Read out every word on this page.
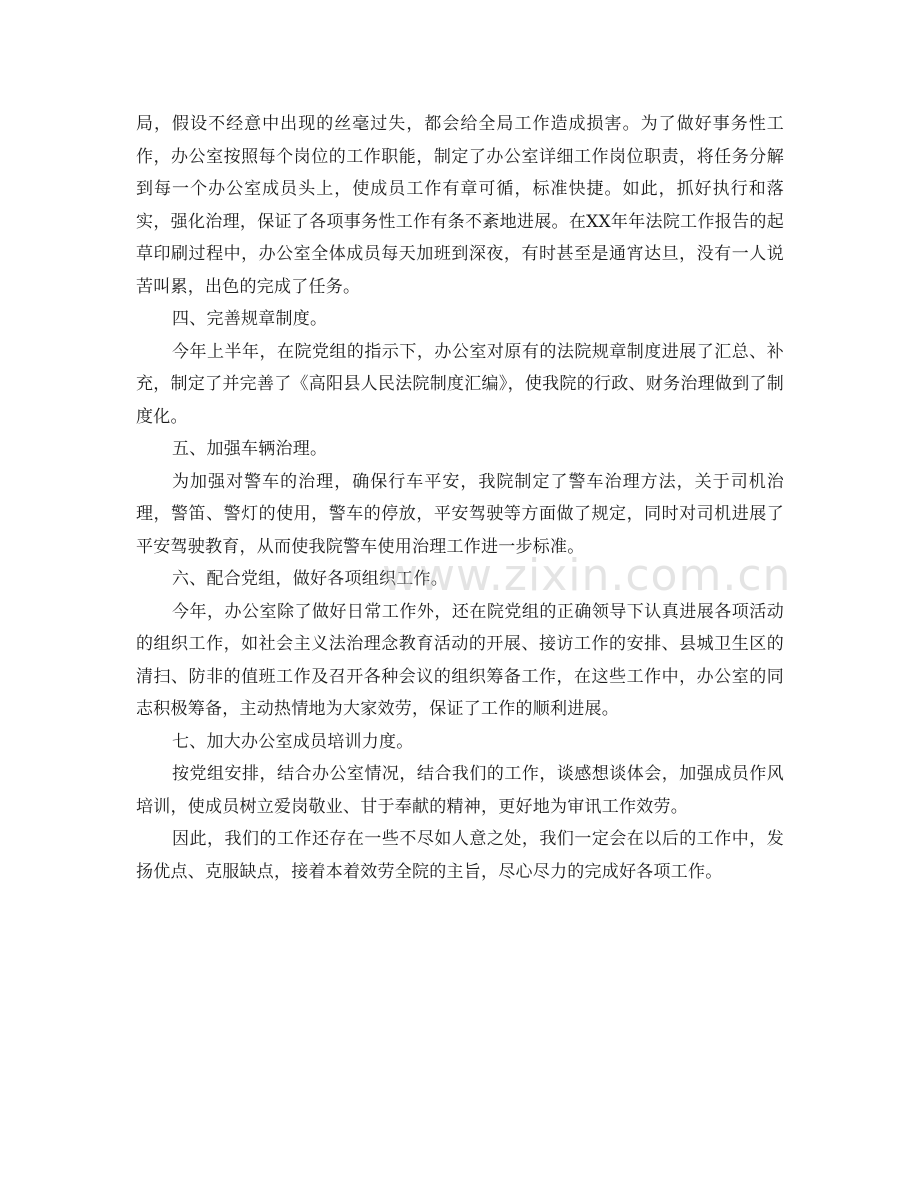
局，假设不经意中出现的丝毫过失，都会给全局工作造成损害。为了做好事务性工作，办公室按照每个岗位的工作职能，制定了办公室详细工作岗位职责，将任务分解到每一个办公室成员头上，使成员工作有章可循，标准快捷。如此，抓好执行和落实，强化治理，保证了各项事务性工作有条不紊地进展。在XX年年法院工作报告的起草印刷过程中，办公室全体成员每天加班到深夜，有时甚至是通宵达旦，没有一人说苦叫累，出色的完成了任务。

四、完善规章制度。

今年上半年，在院党组的指示下，办公室对原有的法院规章制度进展了汇总、补充，制定了并完善了《高阳县人民法院制度汇编》，使我院的行政、财务治理做到了制度化。

五、加强车辆治理。

为加强对警车的治理，确保行车平安，我院制定了警车治理方法，关于司机治理，警笛、警灯的使用，警车的停放，平安驾驶等方面做了规定，同时对司机进展了平安驾驶教育，从而使我院警车使用治理工作进一步标准。

六、配合党组，做好各项组织工作。

今年，办公室除了做好日常工作外，还在院党组的正确领导下认真进展各项活动的组织工作，如社会主义法治理念教育活动的开展、接访工作的安排、县城卫生区的清扫、防非的值班工作及召开各种会议的组织筹备工作，在这些工作中，办公室的同志积极筹备，主动热情地为大家效劳，保证了工作的顺利进展。

七、加大办公室成员培训力度。

按党组安排，结合办公室情况，结合我们的工作，谈感想谈体会，加强成员作风培训，使成员树立爱岗敬业、甘于奉献的精神，更好地为审讯工作效劳。

因此，我们的工作还存在一些不尽如人意之处，我们一定会在以后的工作中，发扬优点、克服缺点，接着本着效劳全院的主旨，尽心尽力的完成好各项工作。

www.zixin.com.cn
